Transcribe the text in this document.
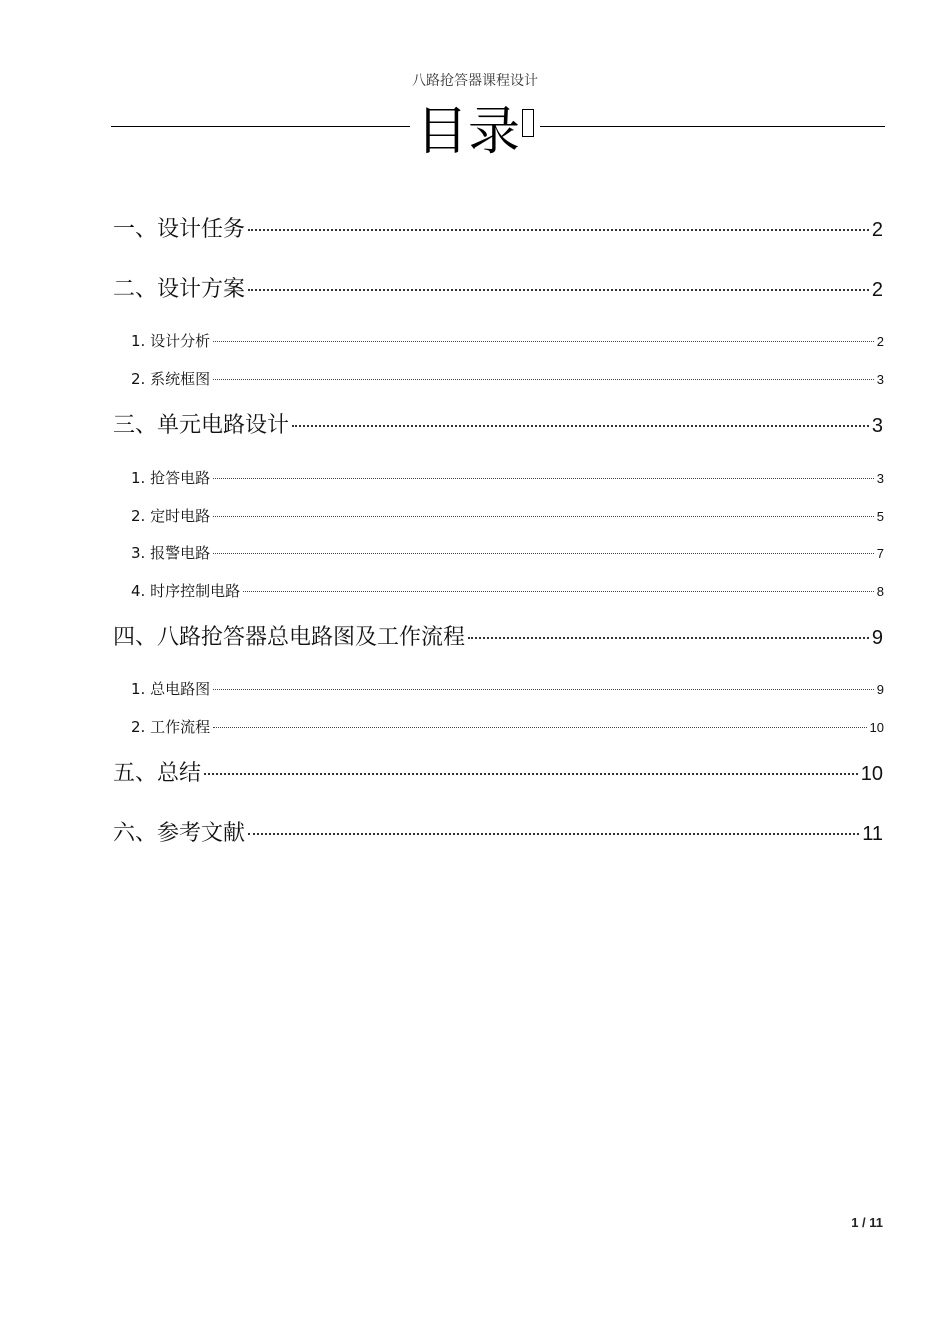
八路抢答器课程设计
目录
一、设计任务	2
二、设计方案	2
1. 设计分析	2
2. 系统框图	3
三、单元电路设计	3
1. 抢答电路	3
2. 定时电路	5
3. 报警电路	7
4. 时序控制电路	8
四、八路抢答器总电路图及工作流程	9
1. 总电路图	9
2. 工作流程	10
五、总结	10
六、参考文献	11
1 / 11
